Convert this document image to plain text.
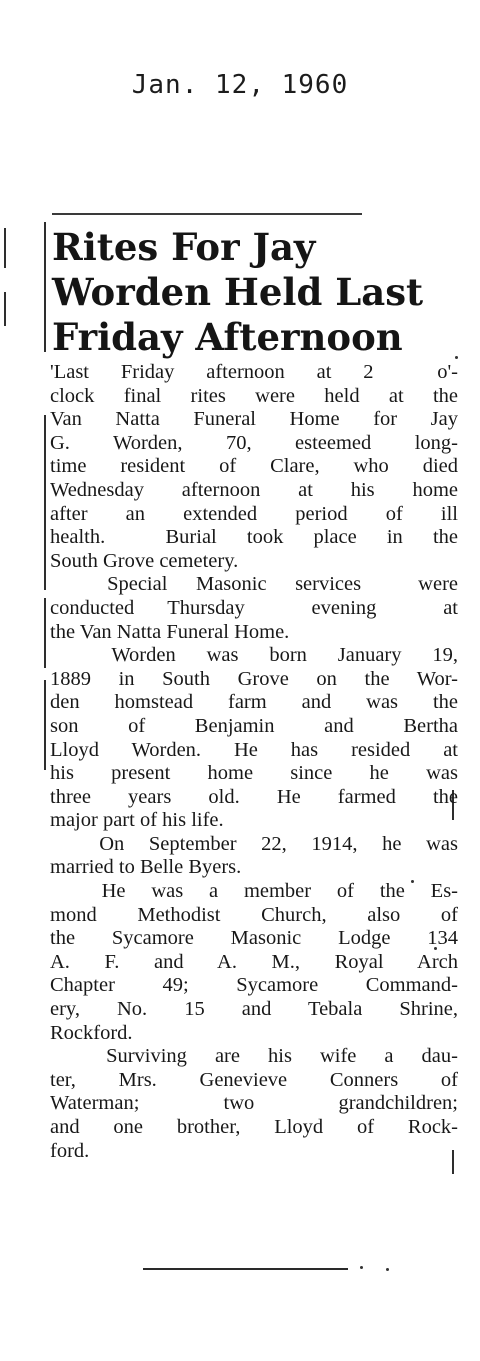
Jan. 12, 1960
Rites For Jay
Worden Held Last
Friday Afternoon
'Last Friday afternoon at 2  o'-
clock final rites were held at the
Van Natta Funeral Home for Jay
G. Worden, 70, esteemed long-
time resident of Clare, who died
Wednesday afternoon at his home
after an extended period of ill
health.  Burial took place in the
South Grove cemetery.
Special Masonic services  were
conducted Thursday  evening  at
the Van Natta Funeral Home.
Worden was born January 19,
1889 in South Grove on the Wor-
den homstead farm and was the
son of Benjamin and Bertha
Lloyd Worden. He has resided at
his present home since he was
three years old. He farmed the
major part of his life.
On September 22, 1914, he was
married to Belle Byers.
He was a member of the Es-
mond Methodist Church, also of
the Sycamore Masonic Lodge 134
A. F. and A. M., Royal Arch
Chapter 49; Sycamore Command-
ery, No. 15 and Tebala Shrine,
Rockford.
Surviving are his wife a dau-
ter, Mrs. Genevieve Conners of
Waterman; two grandchildren;
and one brother, Lloyd of Rock-
ford.
